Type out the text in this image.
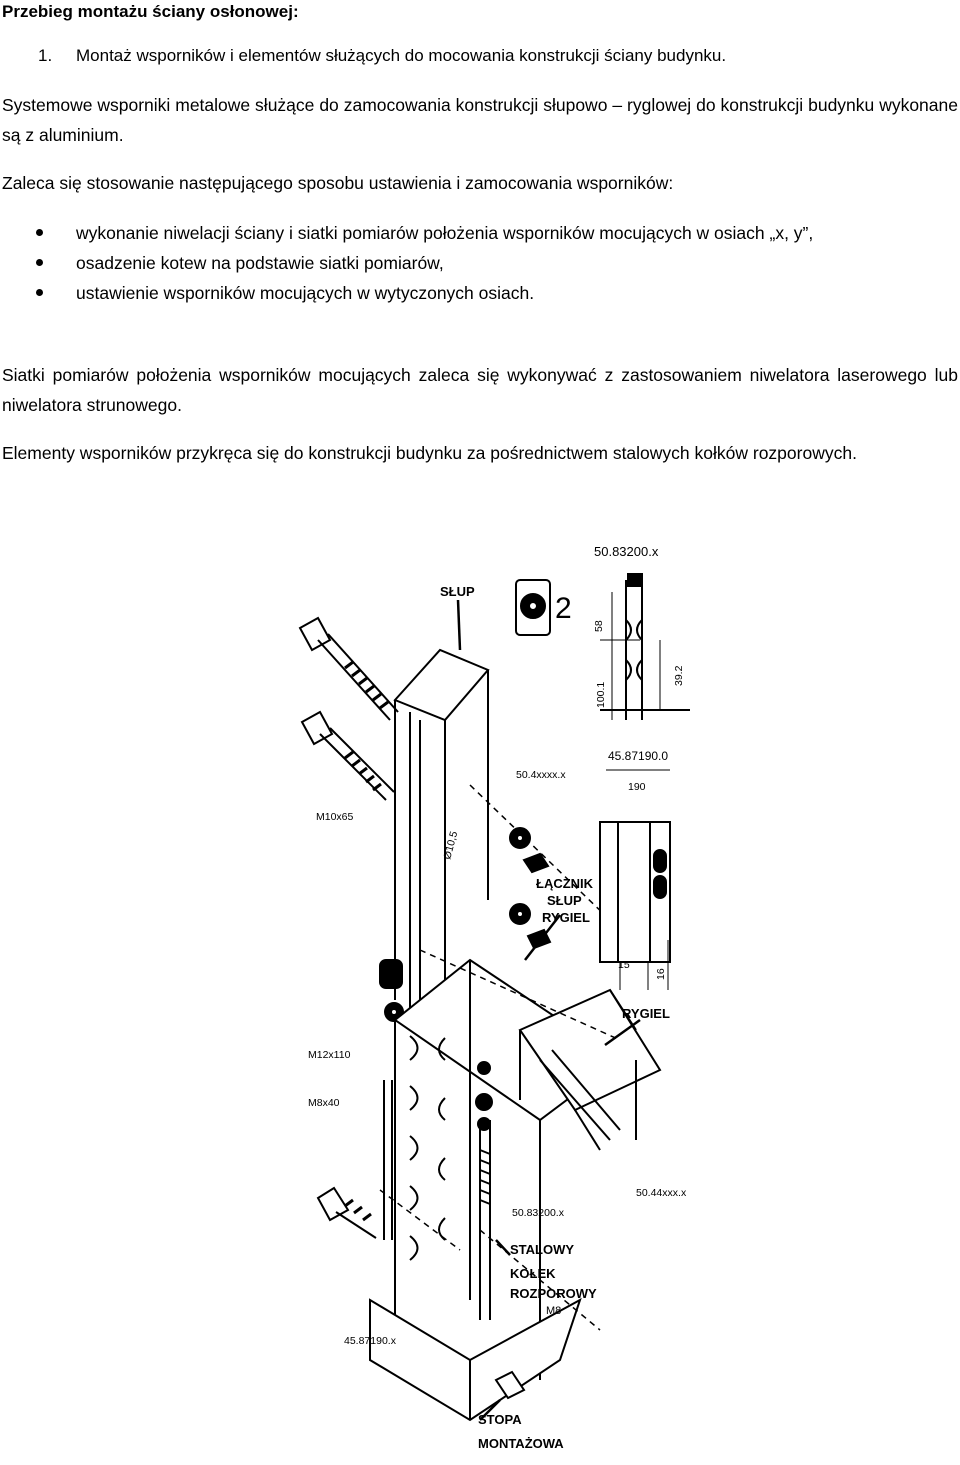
Przebieg montażu ściany osłonowej:
1. Montaż wsporników i elementów służących do mocowania konstrukcji ściany budynku.
Systemowe wsporniki metalowe służące do zamocowania konstrukcji słupowo – ryglowej do konstrukcji budynku wykonane są z aluminium.
Zaleca się stosowanie następującego sposobu ustawienia i zamocowania wsporników:
wykonanie niwelacji ściany i siatki pomiarów położenia wsporników mocujących w osiach „x, y”,
osadzenie kotew na podstawie siatki pomiarów,
ustawienie wsporników mocujących w wytyczonych osiach.
Siatki pomiarów położenia wsporników mocujących zaleca się wykonywać z zastosowaniem niwelatora laserowego lub niwelatora strunowego.
Elementy wsporników przykręca się do konstrukcji budynku za pośrednictwem stalowych kołków rozporowych.
SŁUP
2
ŁĄCZNIK
SŁUP
RYGIEL
RYGIEL
STALOWY
KOŁEK
ROZPOROWY
M8
STOPA
MONTAŻOWA
50.83200.x
58
100.1
39.2
45.87190.0
190
50.4xxxx.x
15
16
M10x65
Ø10,5
M12x110
M8x40
50.83200.x
50.44xxx.x
45.87190.x
